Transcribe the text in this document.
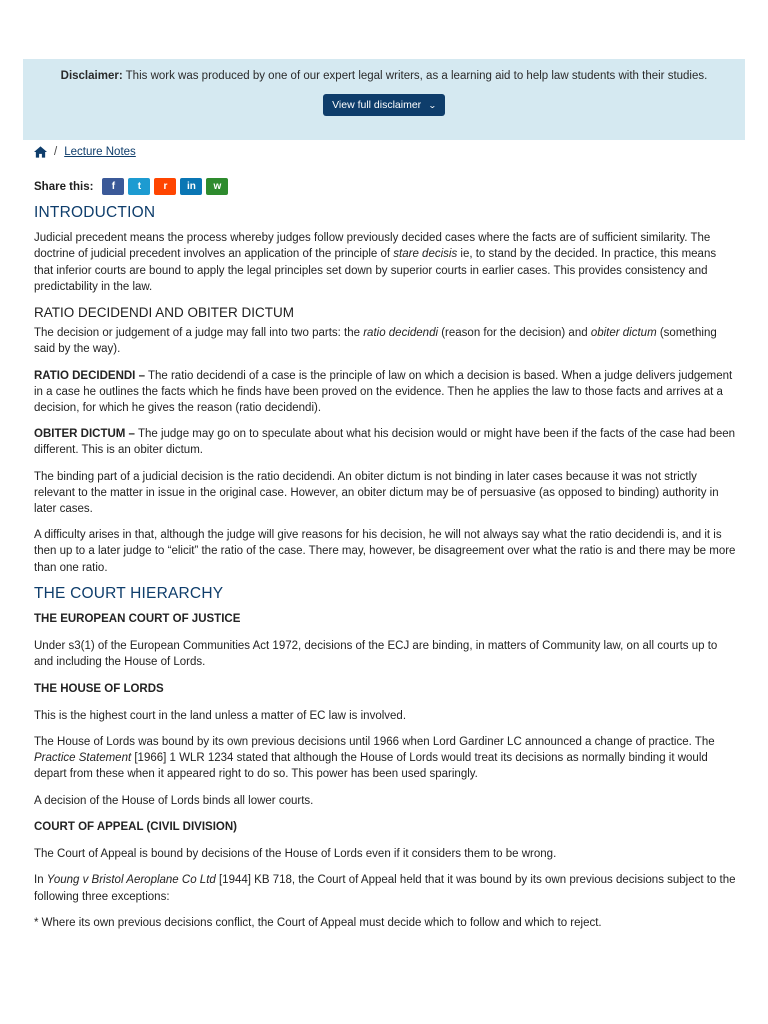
Disclaimer: This work was produced by one of our expert legal writers, as a learning aid to help law students with their studies.
View full disclaimer ⌄
/ Lecture Notes
Share this: f t r in w
INTRODUCTION

Judicial precedent means the process whereby judges follow previously decided cases where the facts are of sufficient similarity. The doctrine of judicial precedent involves an application of the principle of stare decisis ie, to stand by the decided. In practice, this means that inferior courts are bound to apply the legal principles set down by superior courts in earlier cases. This provides consistency and predictability in the law.

RATIO DECIDENDI AND OBITER DICTUM

The decision or judgement of a judge may fall into two parts: the ratio decidendi (reason for the decision) and obiter dictum (something said by the way).

RATIO DECIDENDI – The ratio decidendi of a case is the principle of law on which a decision is based. When a judge delivers judgement in a case he outlines the facts which he finds have been proved on the evidence. Then he applies the law to those facts and arrives at a decision, for which he gives the reason (ratio decidendi).

OBITER DICTUM – The judge may go on to speculate about what his decision would or might have been if the facts of the case had been different. This is an obiter dictum.

The binding part of a judicial decision is the ratio decidendi. An obiter dictum is not binding in later cases because it was not strictly relevant to the matter in issue in the original case. However, an obiter dictum may be of persuasive (as opposed to binding) authority in later cases.

A difficulty arises in that, although the judge will give reasons for his decision, he will not always say what the ratio decidendi is, and it is then up to a later judge to “elicit” the ratio of the case. There may, however, be disagreement over what the ratio is and there may be more than one ratio.

THE COURT HIERARCHY
THE EUROPEAN COURT OF JUSTICE

Under s3(1) of the European Communities Act 1972, decisions of the ECJ are binding, in matters of Community law, on all courts up to and including the House of Lords.

THE HOUSE OF LORDS

This is the highest court in the land unless a matter of EC law is involved.

The House of Lords was bound by its own previous decisions until 1966 when Lord Gardiner LC announced a change of practice. The Practice Statement [1966] 1 WLR 1234 stated that although the House of Lords would treat its decisions as normally binding it would depart from these when it appeared right to do so. This power has been used sparingly.

A decision of the House of Lords binds all lower courts.

COURT OF APPEAL (CIVIL DIVISION)

The Court of Appeal is bound by decisions of the House of Lords even if it considers them to be wrong.

In Young v Bristol Aeroplane Co Ltd [1944] KB 718, the Court of Appeal held that it was bound by its own previous decisions subject to the following three exceptions:

* Where its own previous decisions conflict, the Court of Appeal must decide which to follow and which to reject.
